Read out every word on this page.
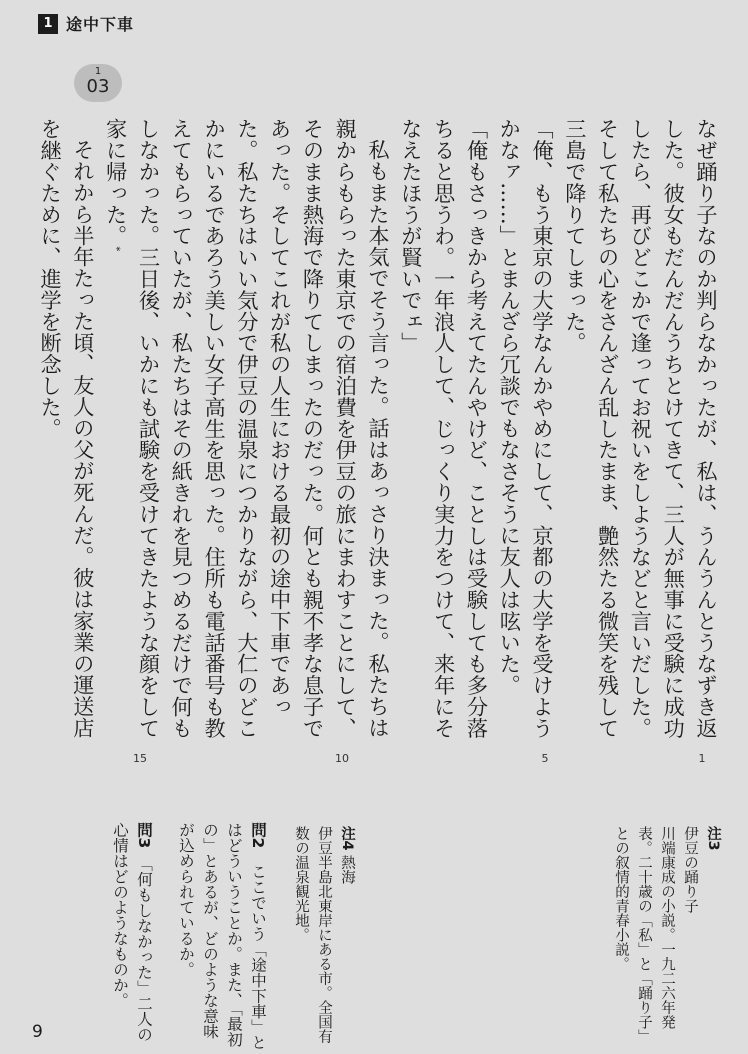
1 途中下車
1
03

なぜ踊り子なのか判らなかったが、私は、うんうんとうなずき返した。彼女もだんだんうちとけてきて、三人が無事に受験に成功したら、再びどこかで逢ってお祝いをしようなどと言いだした。そして私たちの心をさんざん乱したまま、艶然たる微笑を残して三島で降りてしまった。

「俺、もう東京の大学なんかやめにして、京都の大学を受けようかなァ……」とまんざら冗談でもなさそうに友人は呟いた。

「俺もさっきから考えてたんやけど、ことしは受験しても多分落ちると思うわ。一年浪人して、じっくり実力をつけて、来年にそなえたほうが賢いでェ」

私もまた本気でそう言った。話はあっさり決まった。私たちは親からもらった東京での宿泊費を伊豆の旅にまわすことにして、そのまま熱海で降りてしまったのだった。何とも親不孝な息子であった。そしてこれが私の人生における最初の途中下車であった。私たちはいい気分で伊豆の温泉につかりながら、大仁のどこかにいるであろう美しい女子高生を思った。住所も電話番号も教えてもらっていたが、私たちはその紙きれを見つめるだけで何もしなかった。三日後、いかにも試験を受けてきたような顔をして家に帰った。*

それから半年たった頃、友人の父が死んだ。彼は家業の運送店を継ぐために、進学を断念した。

1
5
10
15

注3

伊豆の踊り子

川端康成の小説。一九二六年発表。二十歳の「私」と「踊り子」との叙情的青春小説。

注4 熱海

伊豆半島北東岸にある市。全国有数の温泉観光地。

問2　ここでいう「途中下車」とはどういうことか。また、「最初の」とあるが、どのような意味が込められているか。

問3　「何もしなかった」二人の心情はどのようなものか。

9
